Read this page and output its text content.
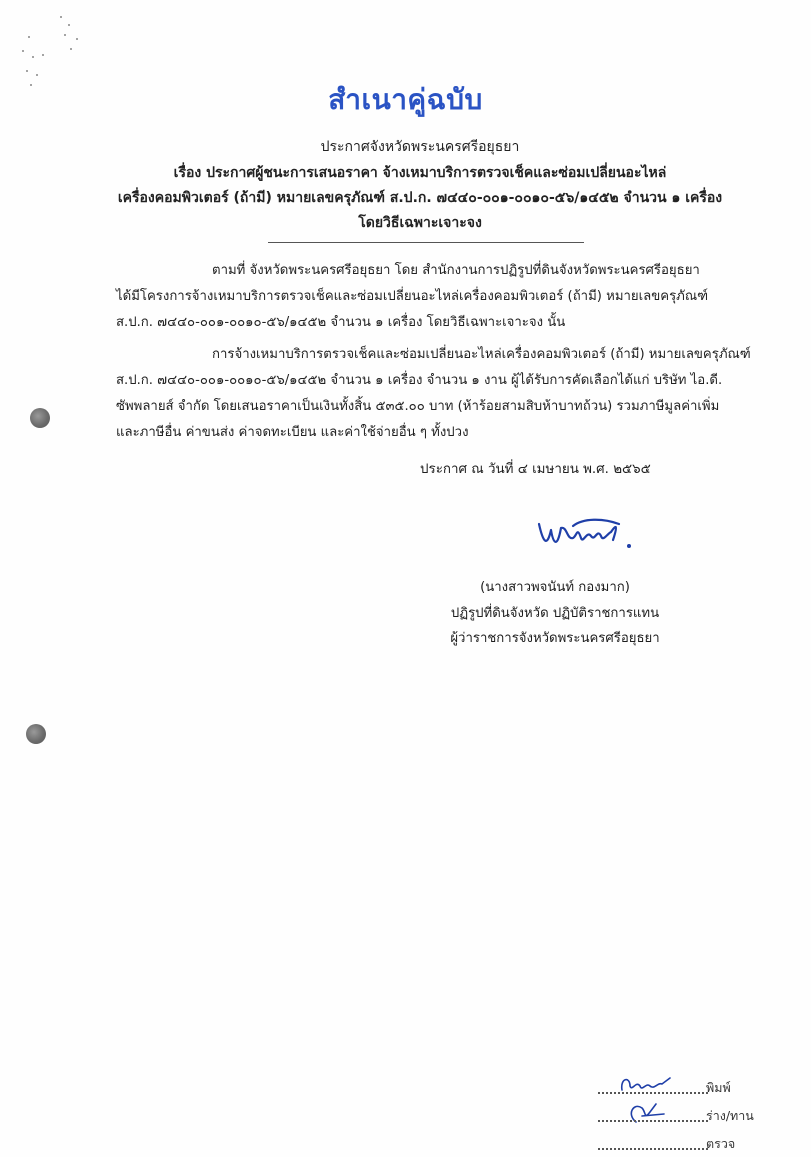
สำเนาคู่ฉบับ
ประกาศจังหวัดพระนครศรีอยุธยา
เรื่อง ประกาศผู้ชนะการเสนอราคา จ้างเหมาบริการตรวจเช็คและซ่อมเปลี่ยนอะไหล่
เครื่องคอมพิวเตอร์ (ถ้ามี) หมายเลขครุภัณฑ์ ส.ป.ก. ๗๔๔๐-๐๐๑-๐๐๑๐-๕๖/๑๔๕๒ จำนวน ๑ เครื่อง
โดยวิธีเฉพาะเจาะจง
ตามที่ จังหวัดพระนครศรีอยุธยา โดย สำนักงานการปฏิรูปที่ดินจังหวัดพระนครศรีอยุธยา
ได้มีโครงการจ้างเหมาบริการตรวจเช็คและซ่อมเปลี่ยนอะไหล่เครื่องคอมพิวเตอร์ (ถ้ามี) หมายเลขครุภัณฑ์
ส.ป.ก. ๗๔๔๐-๐๐๑-๐๐๑๐-๕๖/๑๔๕๒ จำนวน ๑ เครื่อง โดยวิธีเฉพาะเจาะจง นั้น
การจ้างเหมาบริการตรวจเช็คและซ่อมเปลี่ยนอะไหล่เครื่องคอมพิวเตอร์ (ถ้ามี) หมายเลขครุภัณฑ์
ส.ป.ก. ๗๔๔๐-๐๐๑-๐๐๑๐-๕๖/๑๔๕๒ จำนวน ๑ เครื่อง จำนวน ๑ งาน ผู้ได้รับการคัดเลือกได้แก่ บริษัท ไอ.ดี.
ซัพพลายส์ จำกัด โดยเสนอราคาเป็นเงินทั้งสิ้น ๕๓๕.๐๐ บาท (ห้าร้อยสามสิบห้าบาทถ้วน) รวมภาษีมูลค่าเพิ่ม
และภาษีอื่น ค่าขนส่ง ค่าจดทะเบียน และค่าใช้จ่ายอื่น ๆ ทั้งปวง
ประกาศ ณ วันที่ ๔ เมษายน พ.ศ. ๒๕๖๕
(นางสาวพจนันท์ กองมาก)
ปฏิรูปที่ดินจังหวัด ปฏิบัติราชการแทน
ผู้ว่าราชการจังหวัดพระนครศรีอยุธยา
พิมพ์
ร่าง/ทาน
ตรวจ
